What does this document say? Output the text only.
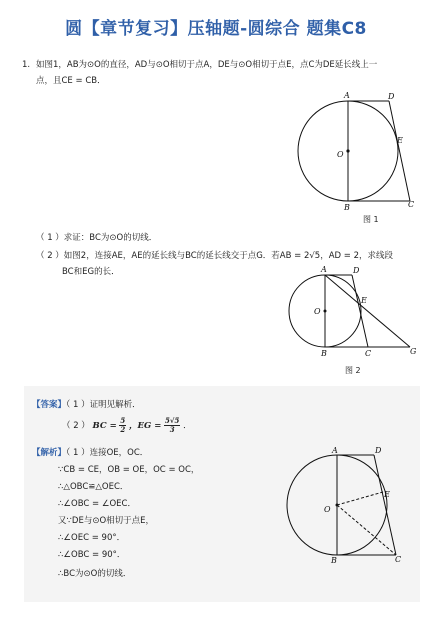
圆【章节复习】压轴题-圆综合 题集C8
1. 如图1，AB为⊙O的直径，AD与⊙O相切于点A，DE与⊙O相切于点E，点C为DE延长线上一
点，且CE = CB．
A	D
O
E
B	C
图 1
（ 1 ）求证：BC为⊙O的切线．
（ 2 ）如图2，连接AE，AE的延长线与BC的延长线交于点G．若AB = 2√5，AD = 2，求线段
BC和EG的长．	A	D
O
E
B	C	G
图 2
【答案】（ 1 ）证明见解析．
（ 2 ） BC = $\frac{5}{2}$ ，EG = $\frac{5√5}{3}$ ．
【解析】（ 1 ）连接OE，OC．
∵CB = CE，OB = OE，OC = OC，
∴△OBC≌△OEC．
∴∠OBC = ∠OEC．
又∵DE与⊙O相切于点E，
∴∠OEC = 90°．
∴∠OBC = 90°．
∴BC为⊙O的切线．
A	D
O
E
B	C
